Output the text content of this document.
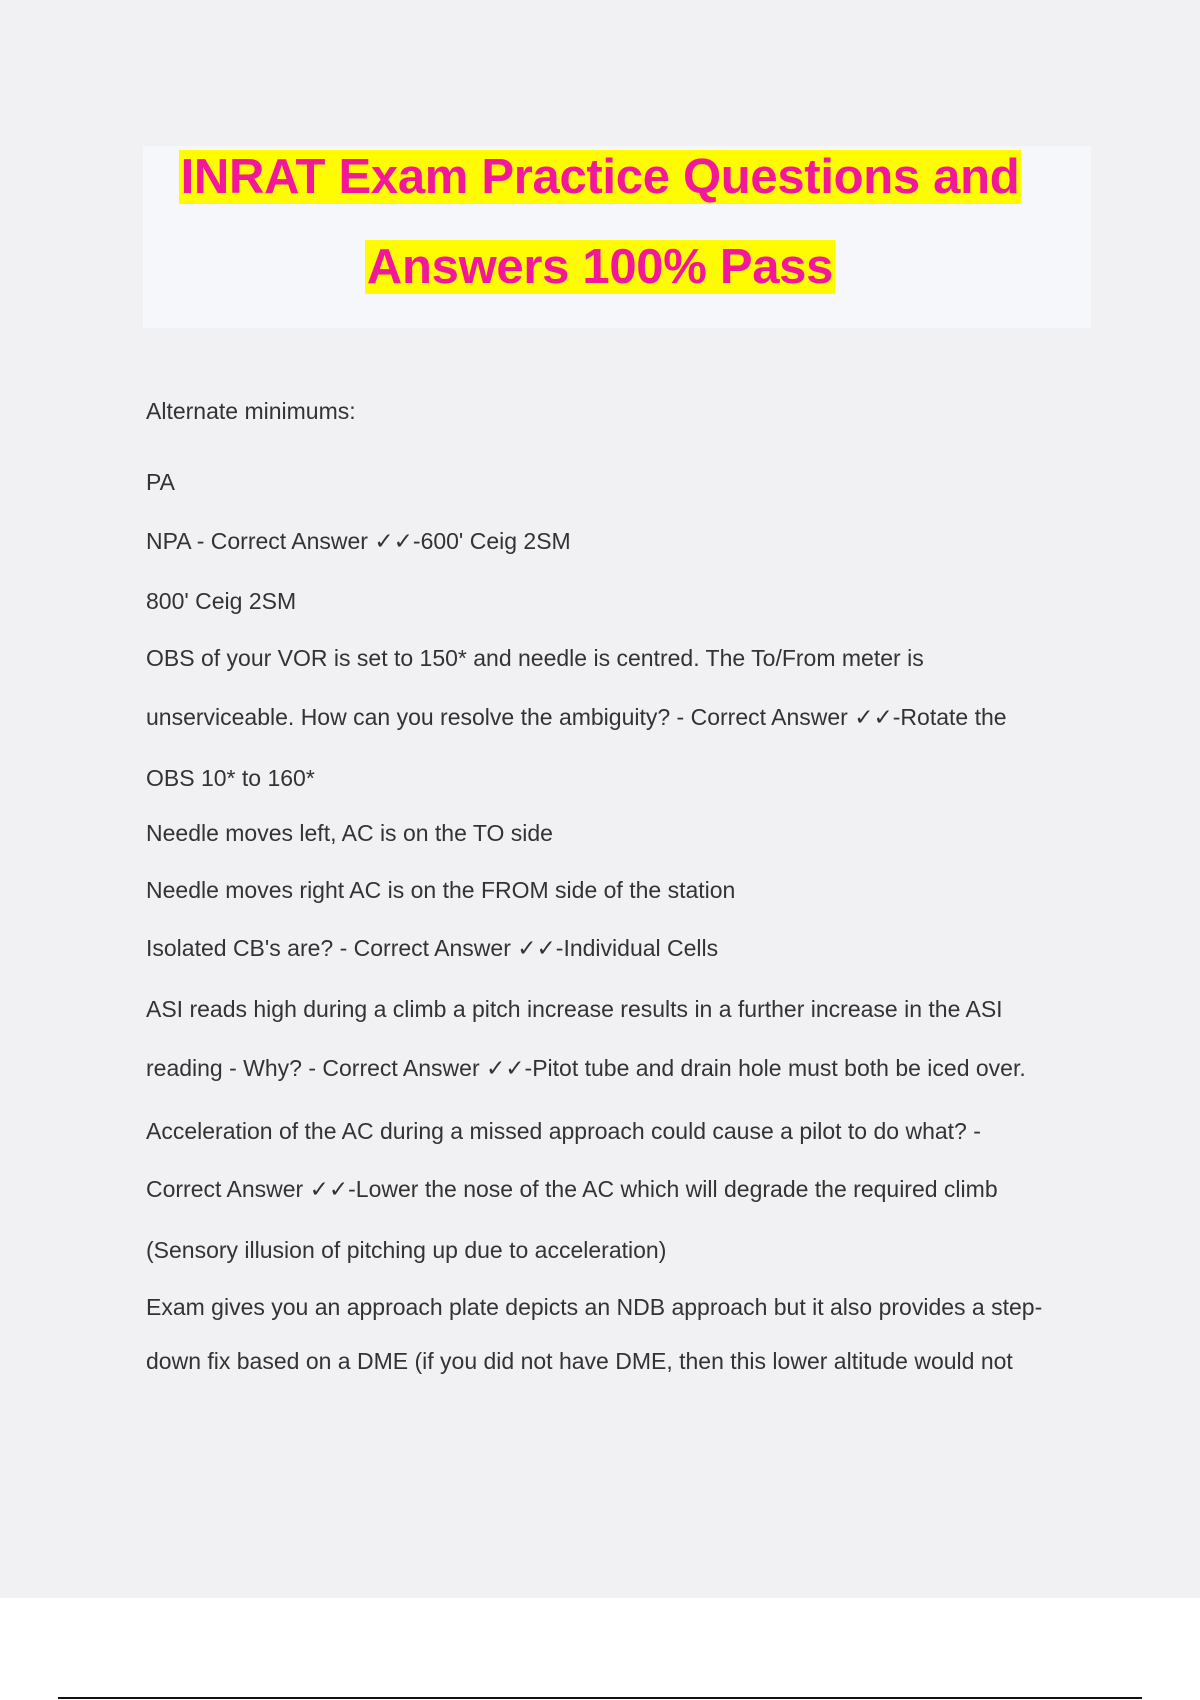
INRAT Exam Practice Questions and
Answers 100% Pass
Alternate minimums:
PA
NPA - Correct Answer ✓✓-600' Ceig 2SM
800' Ceig 2SM
OBS of your VOR is set to 150* and needle is centred. The To/From meter is
unserviceable. How can you resolve the ambiguity? - Correct Answer ✓✓-Rotate the
OBS 10* to 160*
Needle moves left, AC is on the TO side
Needle moves right AC is on the FROM side of the station
Isolated CB's are? - Correct Answer ✓✓-Individual Cells
ASI reads high during a climb a pitch increase results in a further increase in the ASI
reading - Why? - Correct Answer ✓✓-Pitot tube and drain hole must both be iced over.
Acceleration of the AC during a missed approach could cause a pilot to do what? -
Correct Answer ✓✓-Lower the nose of the AC which will degrade the required climb
(Sensory illusion of pitching up due to acceleration)
Exam gives you an approach plate depicts an NDB approach but it also provides a step-
down fix based on a DME (if you did not have DME, then this lower altitude would not
